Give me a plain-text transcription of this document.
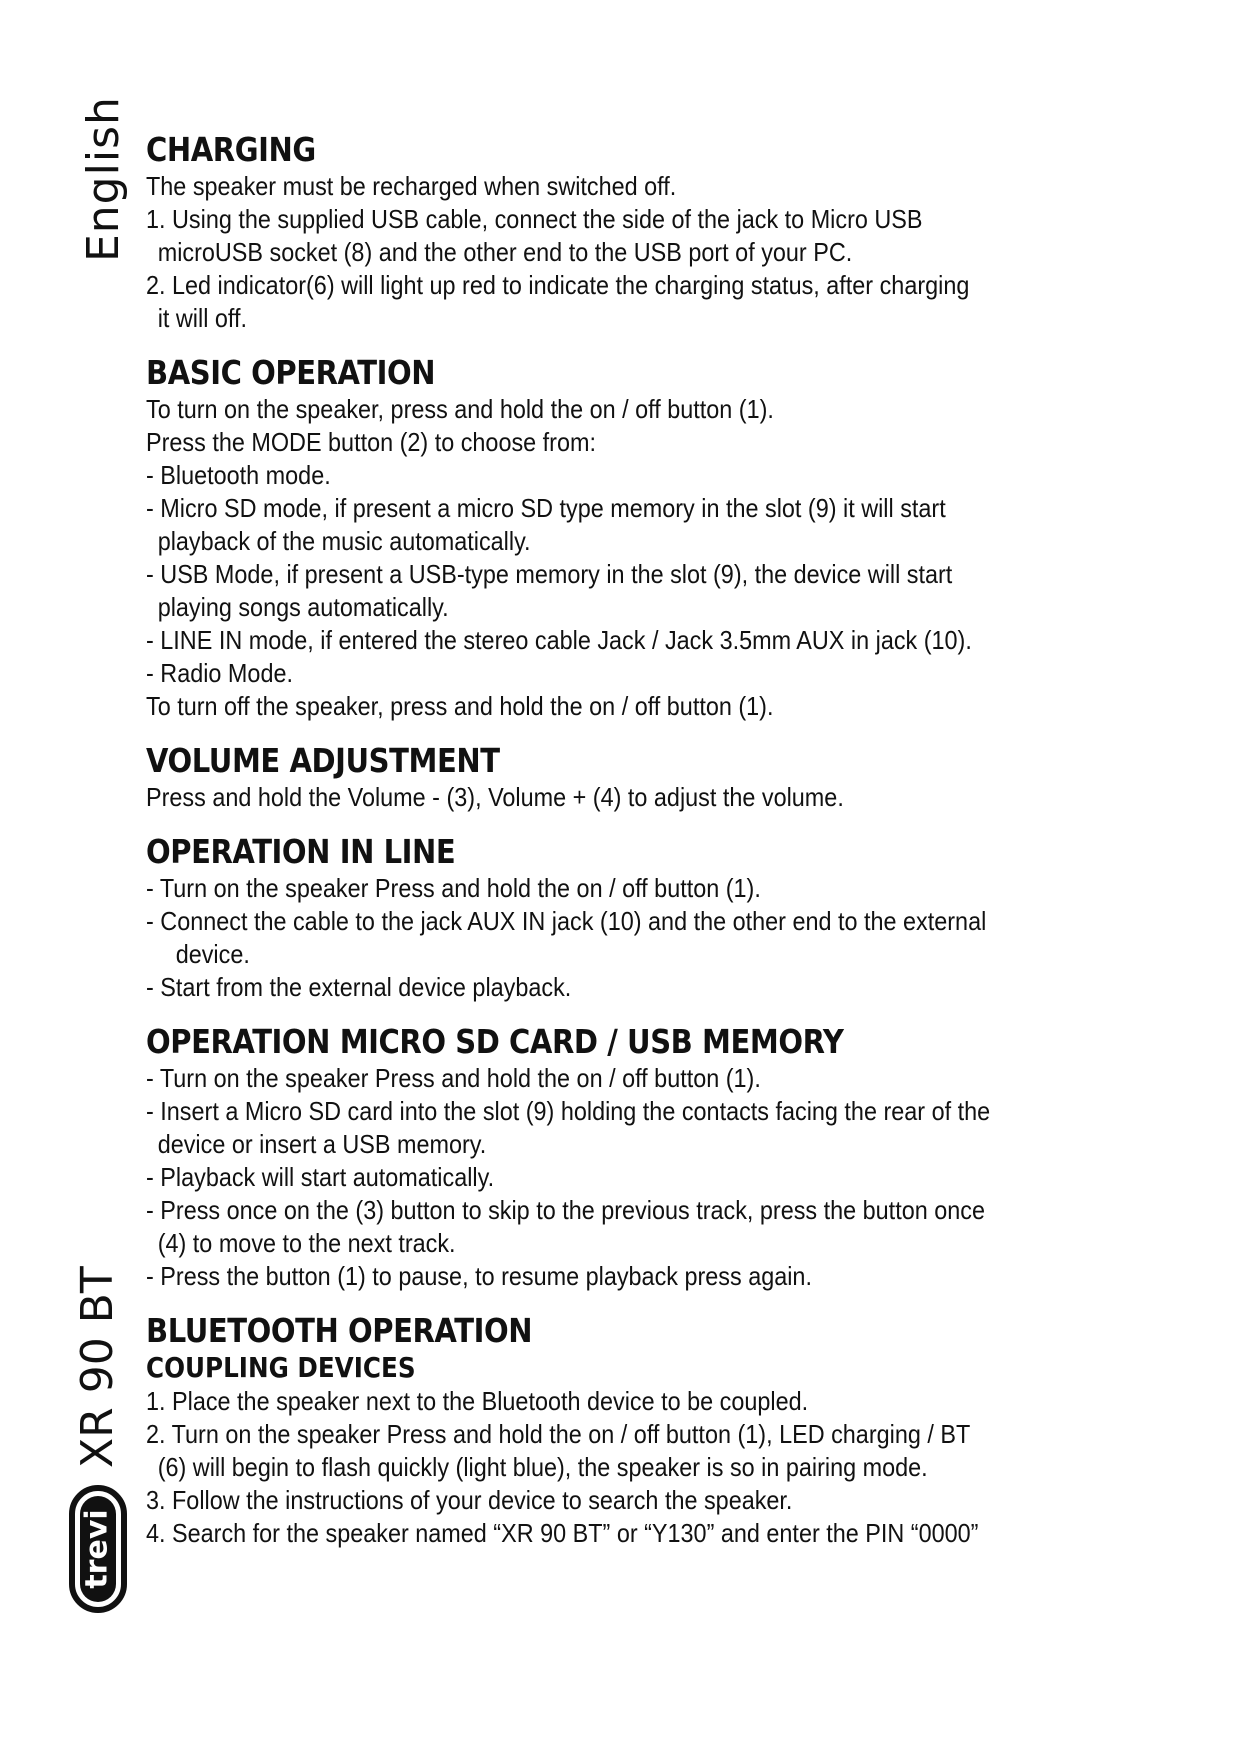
English
XR 90 BT
trevi
CHARGING

The speaker must be recharged when switched off.

1. Using the supplied USB cable, connect the side of the jack to Micro USB

microUSB socket (8) and the other end to the USB port of your PC.

2. Led indicator(6) will light up red to indicate the charging status, after charging

it will off.

BASIC OPERATION

To turn on the speaker, press and hold the on / off button (1).

Press the MODE button (2) to choose from:

- Bluetooth mode.

- Micro SD mode, if present a micro SD type memory in the slot (9) it will start

playback of the music automatically.

- USB Mode, if present a USB-type memory in the slot (9), the device will start

playing songs automatically.

- LINE IN mode, if entered the stereo cable Jack / Jack 3.5mm AUX in jack (10).

- Radio Mode.

To turn off the speaker, press and hold the on / off button (1).

VOLUME ADJUSTMENT

Press and hold the Volume - (3), Volume + (4) to adjust the volume.

OPERATION IN LINE

- Turn on the speaker Press and hold the on / off button (1).

- Connect the cable to the jack AUX IN jack (10) and the other end to the external

device.

- Start from the external device playback.

OPERATION MICRO SD CARD / USB MEMORY

- Turn on the speaker Press and hold the on / off button (1).

- Insert a Micro SD card into the slot (9) holding the contacts facing the rear of the

device or insert a USB memory.

- Playback will start automatically.

- Press once on the (3) button to skip to the previous track, press the button once

(4) to move to the next track.

- Press the button (1) to pause, to resume playback press again.

BLUETOOTH OPERATION
COUPLING DEVICES

1. Place the speaker next to the Bluetooth device to be coupled.

2. Turn on the speaker Press and hold the on / off button (1), LED charging / BT

(6) will begin to flash quickly (light blue), the speaker is so in pairing mode.

3. Follow the instructions of your device to search the speaker.

4. Search for the speaker named “XR 90 BT” or “Y130” and enter the PIN “0000”
